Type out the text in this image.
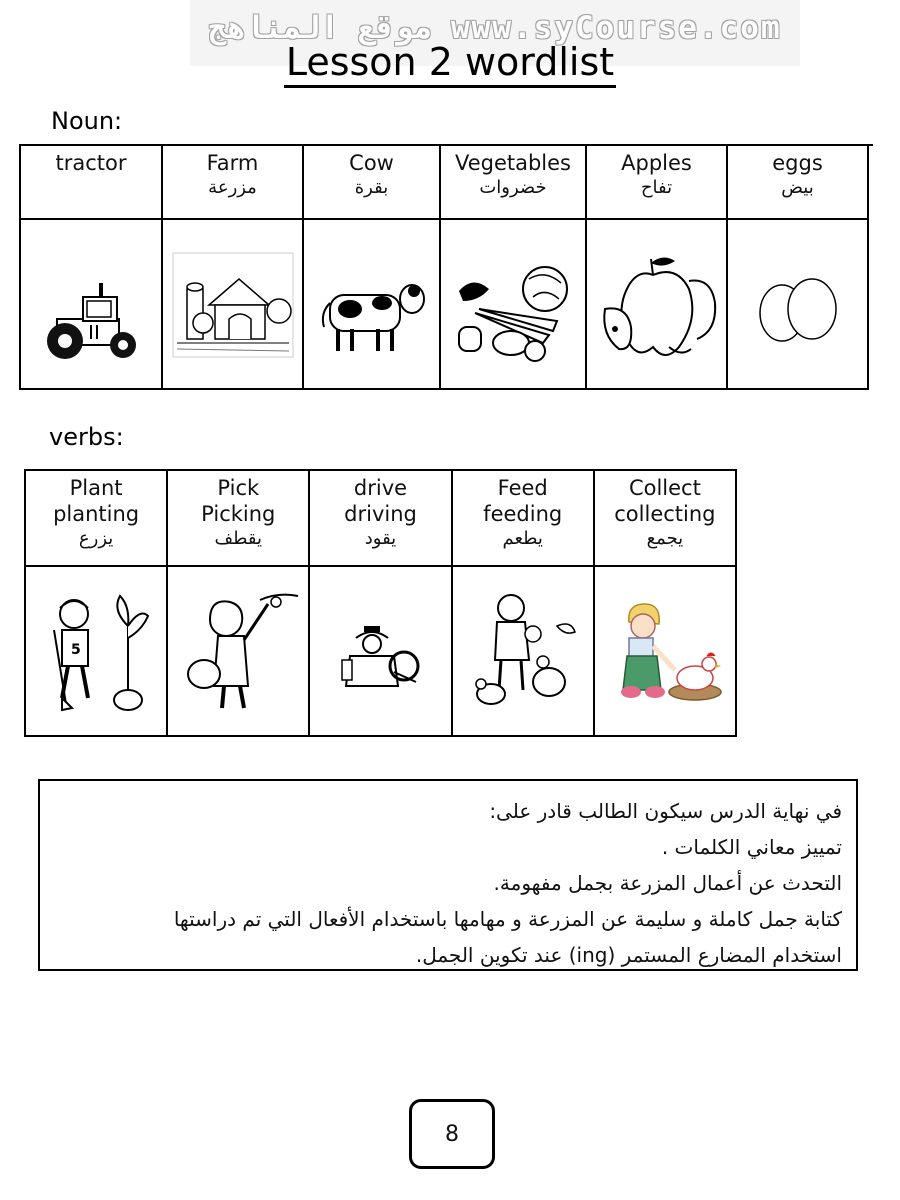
موقع المناهج www.syCourse.com
Lesson 2 wordlist
Noun:
tractor	Farm
مزرعة
Cow
بقرة
Vegetables
خضروات
Apples
تفاح
eggs
بيض
verbs:
Plant
planting
يزرع
Pick
Picking
يقطف
drive
driving
يقود
Feed
feeding
يطعم
Collect
collecting
يجمع
5
في نهاية الدرس سيكون الطالب قادر على:
تمييز معاني الكلمات .
التحدث عن أعمال المزرعة بجمل مفهومة.
كتابة جمل كاملة و سليمة عن المزرعة و مهامها باستخدام الأفعال التي تم دراستها
استخدام المضارع المستمر (ing) عند تكوين الجمل.
8
